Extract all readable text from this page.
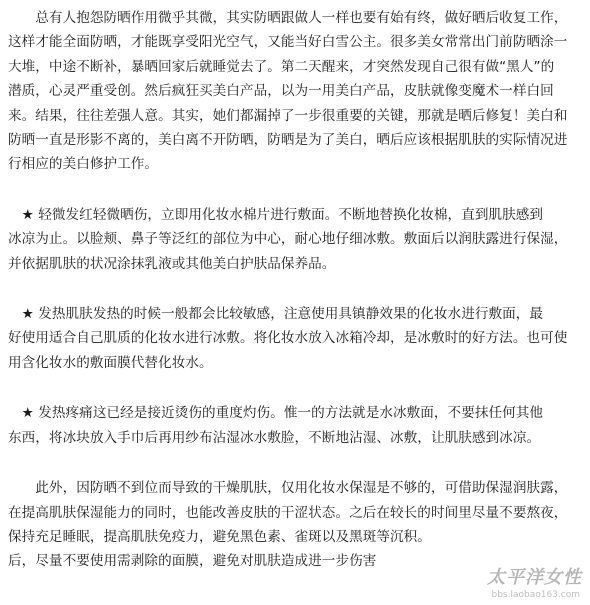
　　总有人抱怨防晒作用微乎其微，其实防晒跟做人一样也要有始有终，做好晒后收复工作，
这样才能全面防晒，才能既享受阳光空气，又能当好白雪公主。很多美女常常出门前防晒涂一
大堆，中途不断补，暴晒回家后就睡觉去了。第二天醒来，才突然发现自己很有做“黑人”的
潜质，心灵严重受创。然后疯狂买美白产品，以为一用美白产品，皮肤就像变魔术一样白回
来。结果，往往差强人意。其实，她们都漏掉了一步很重要的关键，那就是晒后修复！美白和
防晒一直是形影不离的，美白离不开防晒，防晒是为了美白，晒后应该根据肌肤的实际情况进
行相应的美白修护工作。

　★ 轻微发红轻微晒伤，立即用化妆水棉片进行敷面。不断地替换化妆棉，直到肌肤感到
冰凉为止。以脸颊、鼻子等泛红的部位为中心，耐心地仔细冰敷。敷面后以润肤露进行保湿，
并依据肌肤的状况涂抹乳液或其他美白护肤品保养品。

　★ 发热肌肤发热的时候一般都会比较敏感，注意使用具镇静效果的化妆水进行敷面，最
好使用适合自己肌质的化妆水进行冰敷。将化妆水放入冰箱冷却，是冰敷时的好方法。也可使
用含化妆水的敷面膜代替化妆水。

　★ 发热疼痛这已经是接近烫伤的重度灼伤。惟一的方法就是水冰敷面，不要抹任何其他
东西，将冰块放入手巾后再用纱布沾湿冰水敷脸，不断地沾湿、冰敷，让肌肤感到冰凉。

　　此外，因防晒不到位而导致的干燥肌肤，仅用化妆水保湿是不够的，可借助保湿润肤露，
在提高肌肤保湿能力的同时，也能改善皮肤的干涩状态。之后在较长的时间里尽量不要熬夜，
保持充足睡眠，提高肌肤免疫力，避免黑色素、雀斑以及黑斑等沉积。
后，尽量不要使用需剥除的面膜，避免对肌肤造成进一步伤害

太平洋女性
bbs.laobao163.com
